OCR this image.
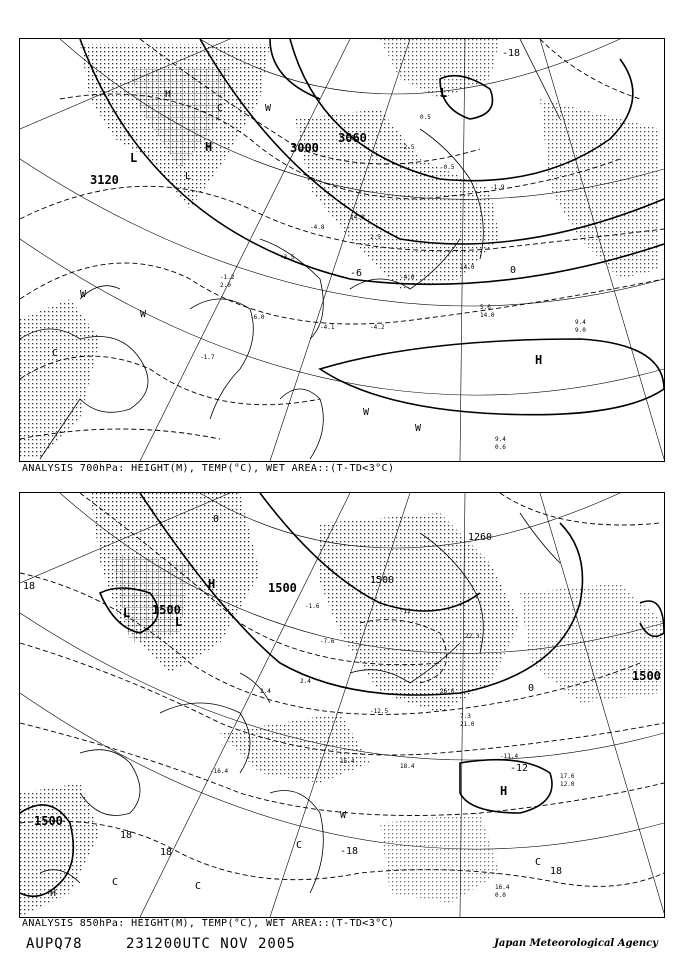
-1.2
2.0
-3.5
-4.8
14.0
2.5
-4.0
14.0
5.6
14.0
9.4
9.0
9.4
0.6
-4.1	-4.2
-6.0
-1.7
-0.5
-1.9
-2.5
0.5
3120
3060
3000
-18
-6	0
L
L
L
H
H
H
W
W
W
W
W
C
C
ANALYSIS 700hPa: HEIGHT(M), TEMP(°C), WET AREA::(T-TD<3°C)
-1.6
-7.6
-12
22.3
26.6
7.3
21.0
-12.5
-11.4
17.6
12.0
16.4
0.0
2.4
2.4
-16.4
15.4
18.4
1500
1500
1500
1500
1500
1260
18
-18
-12
0
18
18
18
0
L
L
H
H
H
W
C
C	C
C
ANALYSIS 850hPa: HEIGHT(M), TEMP(°C), WET AREA::(T-TD<3°C)
AUPQ78	231200UTC NOV 2005	Japan Meteorological Agency
